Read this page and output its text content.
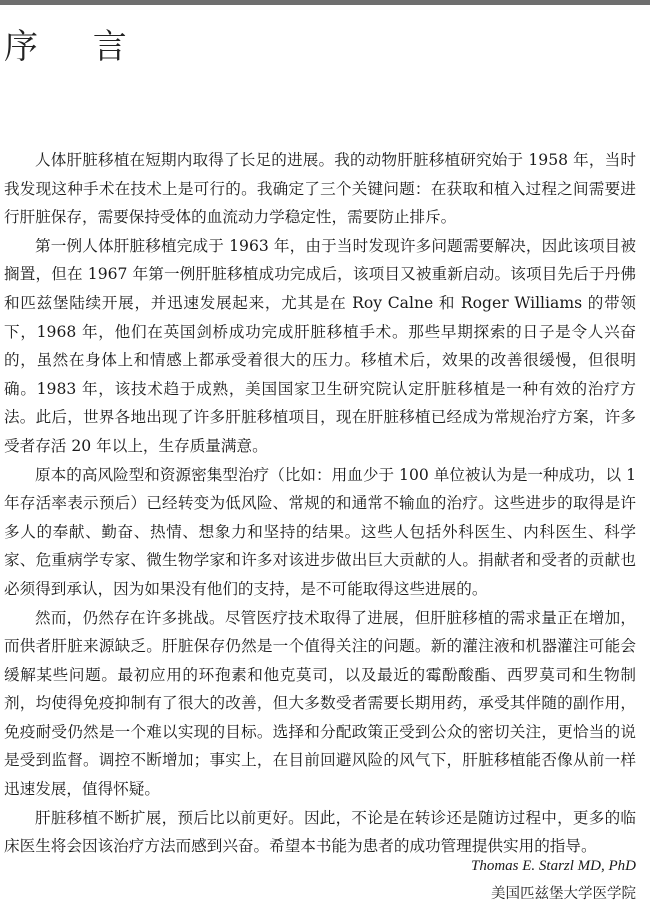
序 言

人体肝脏移植在短期内取得了长足的进展。我的动物肝脏移植研究始于 1958 年，当时我发现这种手术在技术上是可行的。我确定了三个关键问题：在获取和植入过程之间需要进行肝脏保存，需要保持受体的血流动力学稳定性，需要防止排斥。

第一例人体肝脏移植完成于 1963 年，由于当时发现许多问题需要解决，因此该项目被搁置，但在 1967 年第一例肝脏移植成功完成后，该项目又被重新启动。该项目先后于丹佛和匹兹堡陆续开展，并迅速发展起来，尤其是在 Roy Calne 和 Roger Williams 的带领下，1968 年，他们在英国剑桥成功完成肝脏移植手术。那些早期探索的日子是令人兴奋的，虽然在身体上和情感上都承受着很大的压力。移植术后，效果的改善很缓慢，但很明确。1983 年，该技术趋于成熟，美国国家卫生研究院认定肝脏移植是一种有效的治疗方法。此后，世界各地出现了许多肝脏移植项目，现在肝脏移植已经成为常规治疗方案，许多受者存活 20 年以上，生存质量满意。

原本的高风险型和资源密集型治疗（比如：用血少于 100 单位被认为是一种成功，以 1 年存活率表示预后）已经转变为低风险、常规的和通常不输血的治疗。这些进步的取得是许多人的奉献、勤奋、热情、想象力和坚持的结果。这些人包括外科医生、内科医生、科学家、危重病学专家、微生物学家和许多对该进步做出巨大贡献的人。捐献者和受者的贡献也必须得到承认，因为如果没有他们的支持，是不可能取得这些进展的。

然而，仍然存在许多挑战。尽管医疗技术取得了进展，但肝脏移植的需求量正在增加，而供者肝脏来源缺乏。肝脏保存仍然是一个值得关注的问题。新的灌注液和机器灌注可能会缓解某些问题。最初应用的环孢素和他克莫司，以及最近的霉酚酸酯、西罗莫司和生物制剂，均使得免疫抑制有了很大的改善，但大多数受者需要长期用药，承受其伴随的副作用，免疫耐受仍然是一个难以实现的目标。选择和分配政策正受到公众的密切关注，更恰当的说是受到监督。调控不断增加；事实上，在目前回避风险的风气下，肝脏移植能否像从前一样迅速发展，值得怀疑。

肝脏移植不断扩展，预后比以前更好。因此，不论是在转诊还是随访过程中，更多的临床医生将会因该治疗方法而感到兴奋。希望本书能为患者的成功管理提供实用的指导。

Thomas E. Starzl MD, PhD
美国匹兹堡大学医学院
